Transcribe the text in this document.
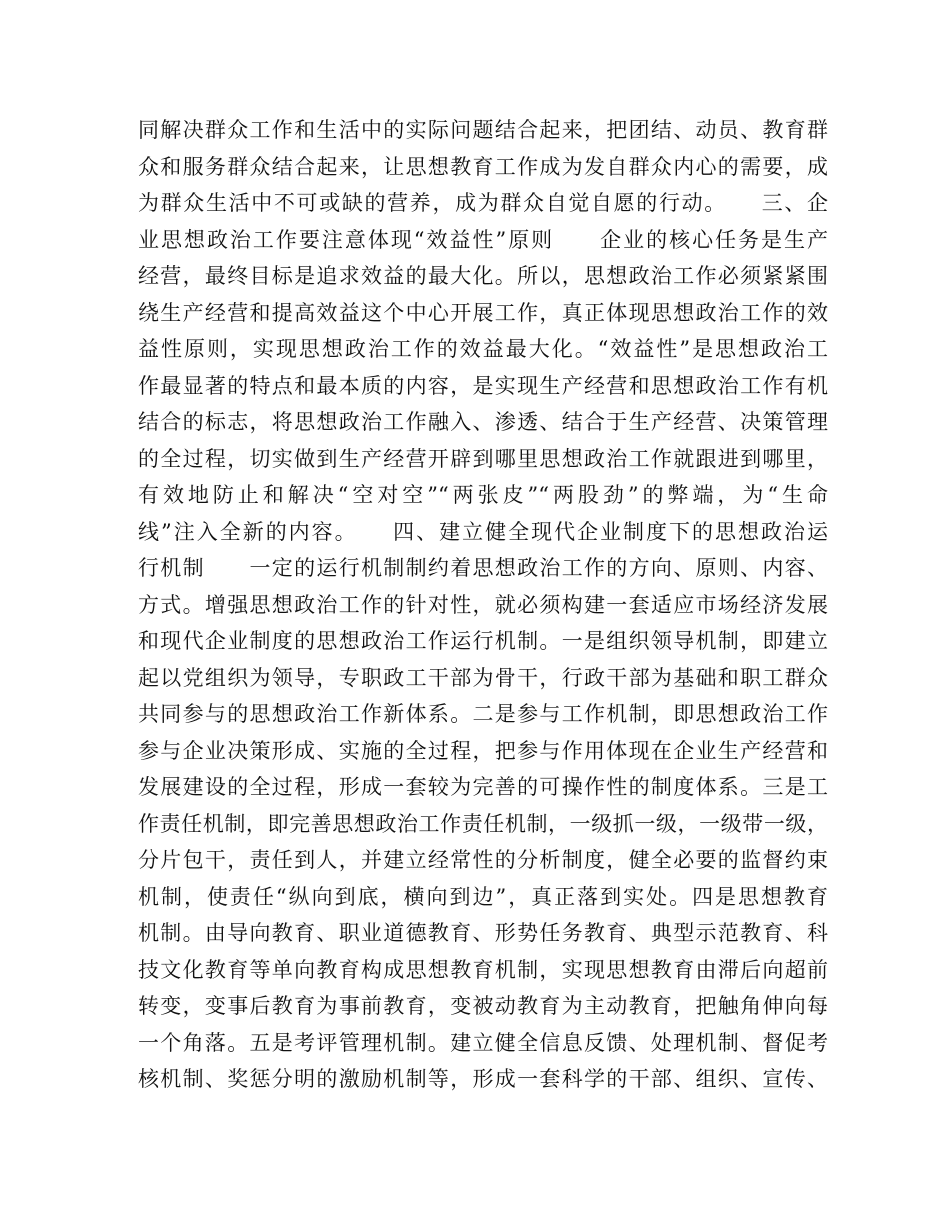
同解决群众工作和生活中的实际问题结合起来，把团结、动员、教育群
众和服务群众结合起来，让思想教育工作成为发自群众内心的需要，成
为群众生活中不可或缺的营养，成为群众自觉自愿的行动。　　三、企
业思想政治工作要注意体现“效益性”原则　　企业的核心任务是生产
经营，最终目标是追求效益的最大化。所以，思想政治工作必须紧紧围
绕生产经营和提高效益这个中心开展工作，真正体现思想政治工作的效
益性原则，实现思想政治工作的效益最大化。“效益性”是思想政治工
作最显著的特点和最本质的内容，是实现生产经营和思想政治工作有机
结合的标志，将思想政治工作融入、渗透、结合于生产经营、决策管理
的全过程，切实做到生产经营开辟到哪里思想政治工作就跟进到哪里，
有效地防止和解决“空对空”“两张皮”“两股劲”的弊端，为“生命
线”注入全新的内容。　　四、建立健全现代企业制度下的思想政治运
行机制　　一定的运行机制制约着思想政治工作的方向、原则、内容、
方式。增强思想政治工作的针对性，就必须构建一套适应市场经济发展
和现代企业制度的思想政治工作运行机制。一是组织领导机制，即建立
起以党组织为领导，专职政工干部为骨干，行政干部为基础和职工群众
共同参与的思想政治工作新体系。二是参与工作机制，即思想政治工作
参与企业决策形成、实施的全过程，把参与作用体现在企业生产经营和
发展建设的全过程，形成一套较为完善的可操作性的制度体系。三是工
作责任机制，即完善思想政治工作责任机制，一级抓一级，一级带一级，
分片包干，责任到人，并建立经常性的分析制度，健全必要的监督约束
机制，使责任“纵向到底，横向到边”，真正落到实处。四是思想教育
机制。由导向教育、职业道德教育、形势任务教育、典型示范教育、科
技文化教育等单向教育构成思想教育机制，实现思想教育由滞后向超前
转变，变事后教育为事前教育，变被动教育为主动教育，把触角伸向每
一个角落。五是考评管理机制。建立健全信息反馈、处理机制、督促考
核机制、奖惩分明的激励机制等，形成一套科学的干部、组织、宣传、
